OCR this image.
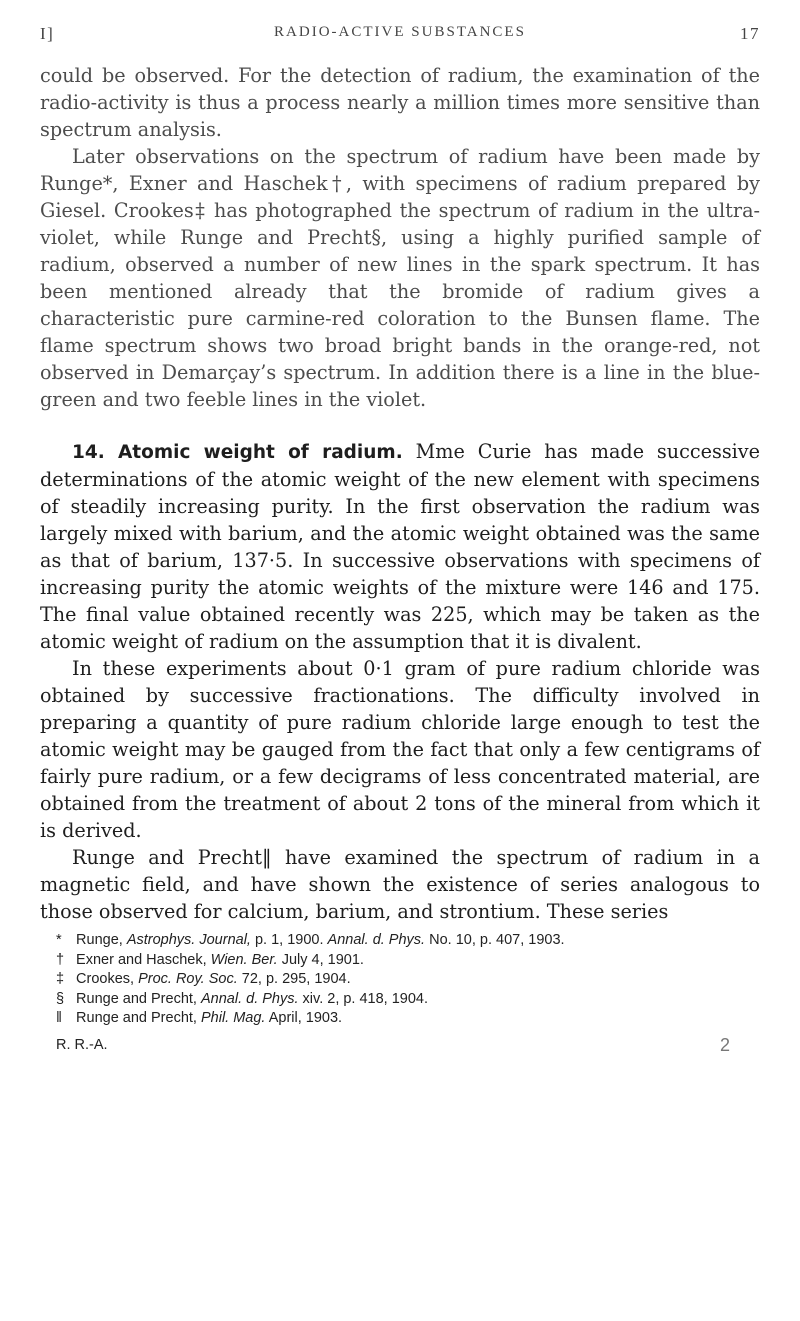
I]	RADIO-ACTIVE SUBSTANCES	17

could be observed. For the detection of radium, the examination of the radio-activity is thus a process nearly a million times more sensitive than spectrum analysis.

Later observations on the spectrum of radium have been made by Runge*, Exner and Haschek†, with specimens of radium prepared by Giesel. Crookes‡ has photographed the spectrum of radium in the ultra-violet, while Runge and Precht§, using a highly purified sample of radium, observed a number of new lines in the spark spectrum. It has been mentioned already that the bromide of radium gives a characteristic pure carmine-red coloration to the Bunsen flame. The flame spectrum shows two broad bright bands in the orange-red, not observed in Demarçay’s spectrum. In addition there is a line in the blue-green and two feeble lines in the violet.

14. Atomic weight of radium. Mme Curie has made successive determinations of the atomic weight of the new element with specimens of steadily increasing purity. In the first observation the radium was largely mixed with barium, and the atomic weight obtained was the same as that of barium, 137·5. In successive observations with specimens of increasing purity the atomic weights of the mixture were 146 and 175. The final value obtained recently was 225, which may be taken as the atomic weight of radium on the assumption that it is divalent.

In these experiments about 0·1 gram of pure radium chloride was obtained by successive fractionations. The difficulty involved in preparing a quantity of pure radium chloride large enough to test the atomic weight may be gauged from the fact that only a few centigrams of fairly pure radium, or a few decigrams of less concentrated material, are obtained from the treatment of about 2 tons of the mineral from which it is derived.

Runge and Precht‖ have examined the spectrum of radium in a magnetic field, and have shown the existence of series analogous to those observed for calcium, barium, and strontium. These series

* Runge, Astrophys. Journal, p. 1, 1900. Annal. d. Phys. No. 10, p. 407, 1903.
† Exner and Haschek, Wien. Ber. July 4, 1901.
‡ Crookes, Proc. Roy. Soc. 72, p. 295, 1904.
§ Runge and Precht, Annal. d. Phys. xiv. 2, p. 418, 1904.
‖ Runge and Precht, Phil. Mag. April, 1903.
R. R.-A.	2
